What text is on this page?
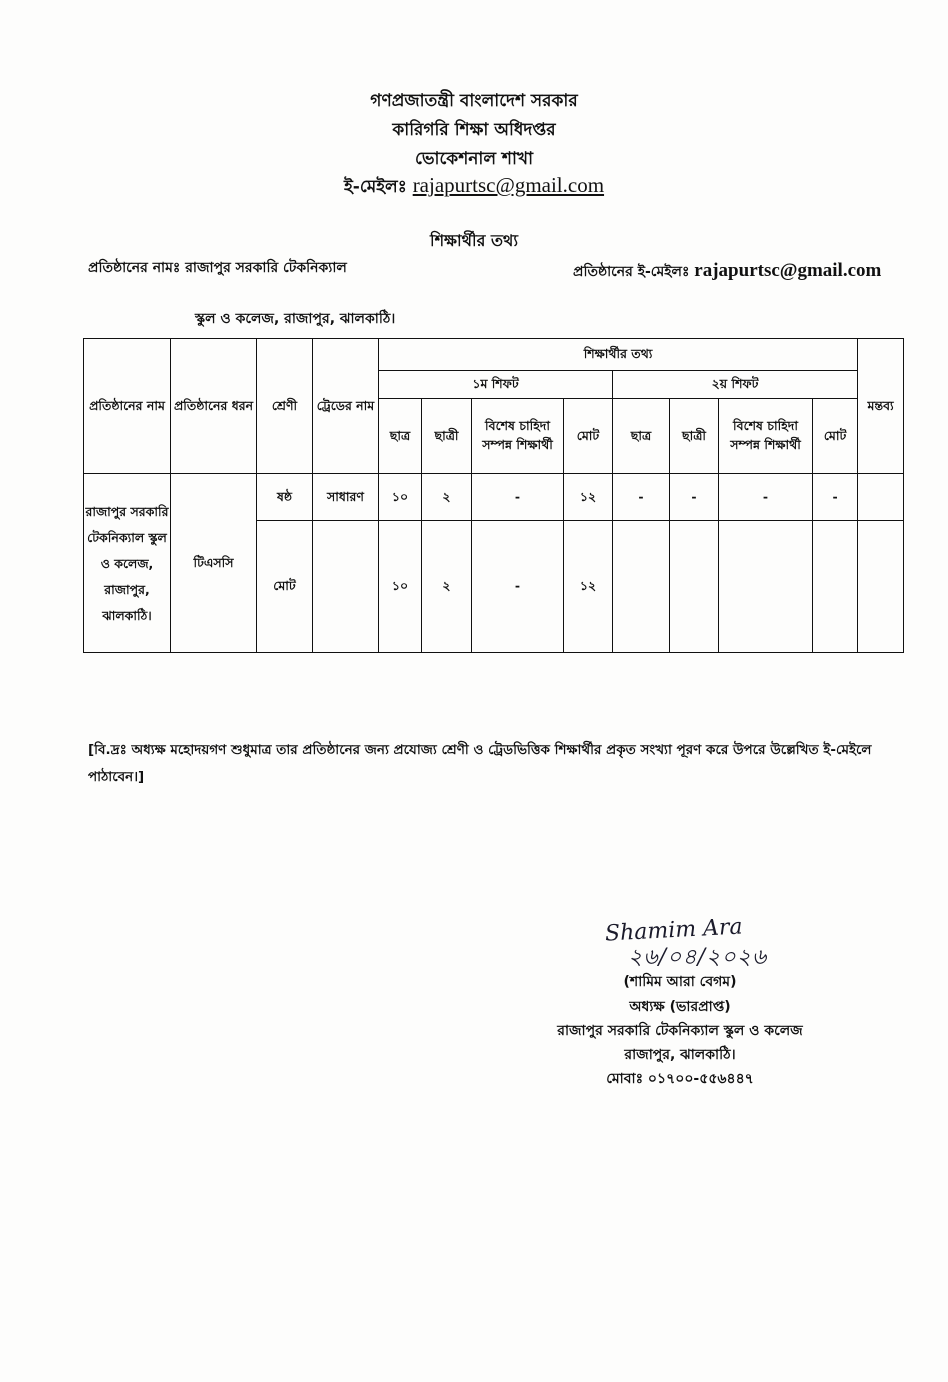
গণপ্রজাতন্ত্রী বাংলাদেশ সরকার
কারিগরি শিক্ষা অধিদপ্তর
ভোকেশনাল শাখা
ই-মেইলঃ rajapurtsc@gmail.com
শিক্ষার্থীর তথ্য
প্রতিষ্ঠানের নামঃ রাজাপুর সরকারি টেকনিক্যাল	প্রতিষ্ঠানের ই-মেইলঃ rajapurtsc@gmail.com
স্কুল ও কলেজ, রাজাপুর, ঝালকাঠি।
প্রতিষ্ঠানের নাম	প্রতিষ্ঠানের ধরন	শ্রেণী	ট্রেডের নাম	শিক্ষার্থীর তথ্য								মন্তব্য
				১ম শিফট				২য় শিফট				
				ছাত্র	ছাত্রী	বিশেষ চাহিদা সম্পন্ন শিক্ষার্থী	মোট	ছাত্র	ছাত্রী	বিশেষ চাহিদা সম্পন্ন শিক্ষার্থী	মোট	
রাজাপুর সরকারি টেকনিক্যাল স্কুল ও কলেজ, রাজাপুর, ঝালকাঠি।	টিএসসি	ষষ্ঠ	সাধারণ	১০	২	-	১২	-	-	-	-	
		মোট		১০	২	-	১২					
[বি.দ্রঃ অধ্যক্ষ মহোদয়গণ শুধুমাত্র তার প্রতিষ্ঠানের জন্য প্রযোজ্য শ্রেণী ও ট্রেডভিত্তিক শিক্ষার্থীর প্রকৃত সংখ্যা পূরণ করে উপরে উল্লেখিত ই-মেইলে পাঠাবেন।]
Shamim Ara
২৬/০৪/২০২৬
(শামিম আরা বেগম)
অধ্যক্ষ (ভারপ্রাপ্ত)
রাজাপুর সরকারি টেকনিক্যাল স্কুল ও কলেজ
রাজাপুর, ঝালকাঠি।
মোবাঃ ০১৭০০-৫৫৬৪৪৭
